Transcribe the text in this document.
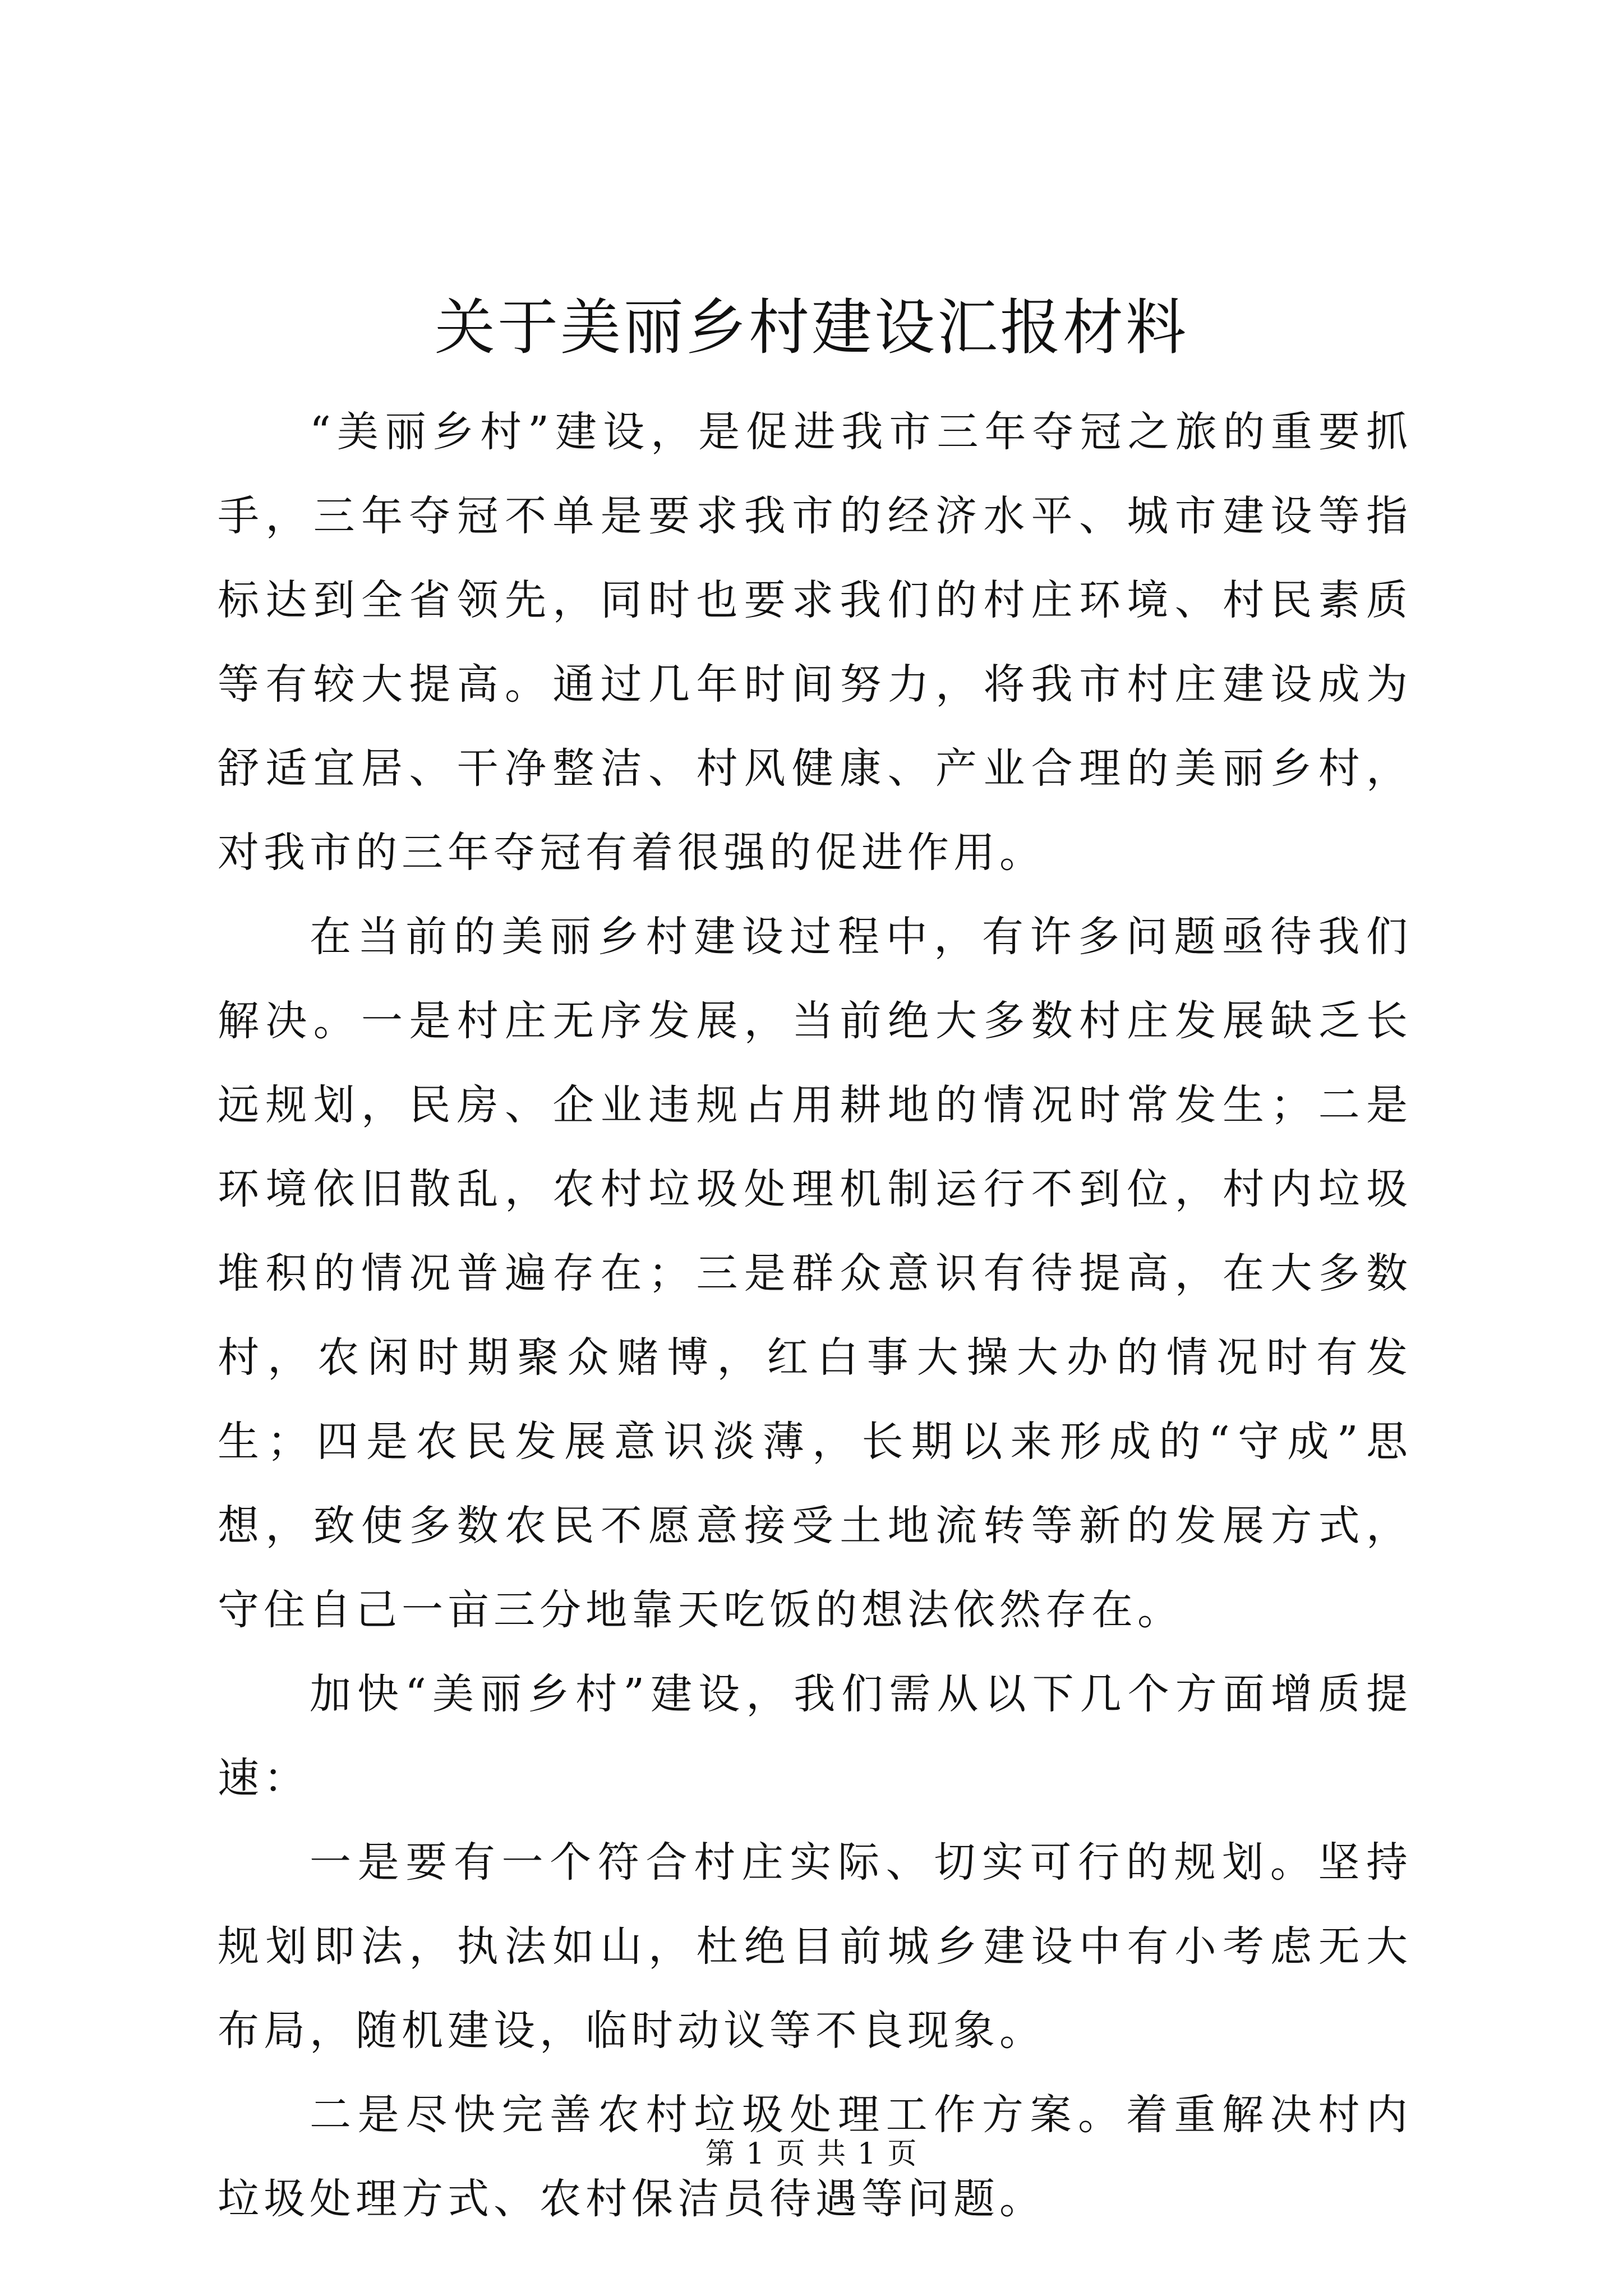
关于美丽乡村建设汇报材料

“美丽乡村”建设，是促进我市三年夺冠之旅的重要抓手，三年夺冠不单是要求我市的经济水平、城市建设等指标达到全省领先，同时也要求我们的村庄环境、村民素质等有较大提高。通过几年时间努力，将我市村庄建设成为舒适宜居、干净整洁、村风健康、产业合理的美丽乡村，对我市的三年夺冠有着很强的促进作用。

在当前的美丽乡村建设过程中，有许多问题亟待我们解决。一是村庄无序发展，当前绝大多数村庄发展缺乏长远规划，民房、企业违规占用耕地的情况时常发生；二是环境依旧散乱，农村垃圾处理机制运行不到位，村内垃圾堆积的情况普遍存在；三是群众意识有待提高，在大多数村，农闲时期聚众赌博，红白事大操大办的情况时有发生；四是农民发展意识淡薄，长期以来形成的“守成”思想，致使多数农民不愿意接受土地流转等新的发展方式，守住自己一亩三分地靠天吃饭的想法依然存在。

加快“美丽乡村”建设，我们需从以下几个方面增质提速：

一是要有一个符合村庄实际、切实可行的规划。坚持规划即法，执法如山，杜绝目前城乡建设中有小考虑无大布局，随机建设，临时动议等不良现象。

二是尽快完善农村垃圾处理工作方案。着重解决村内垃圾处理方式、农村保洁员待遇等问题。

第 1 页 共 1 页
